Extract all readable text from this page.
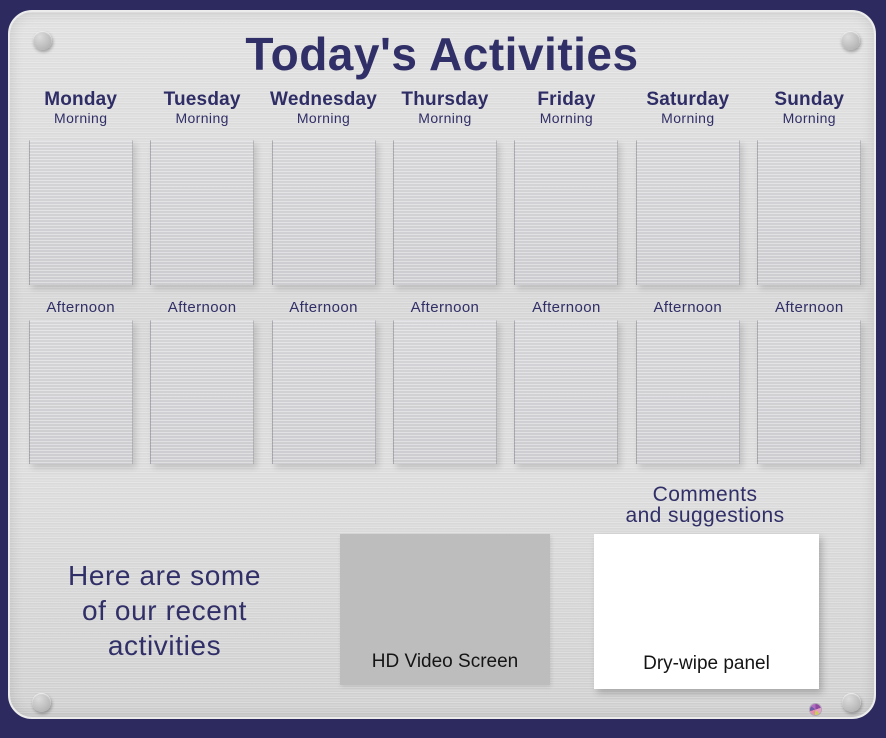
Today's Activities
Monday
Morning
Afternoon
Tuesday
Morning
Afternoon
Wednesday
Morning
Afternoon
Thursday
Morning
Afternoon
Friday
Morning
Afternoon
Saturday
Morning
Afternoon
Sunday
Morning
Afternoon
Here are some
of our recent
activities
HD Video Screen
Comments
and suggestions
Dry-wipe panel
